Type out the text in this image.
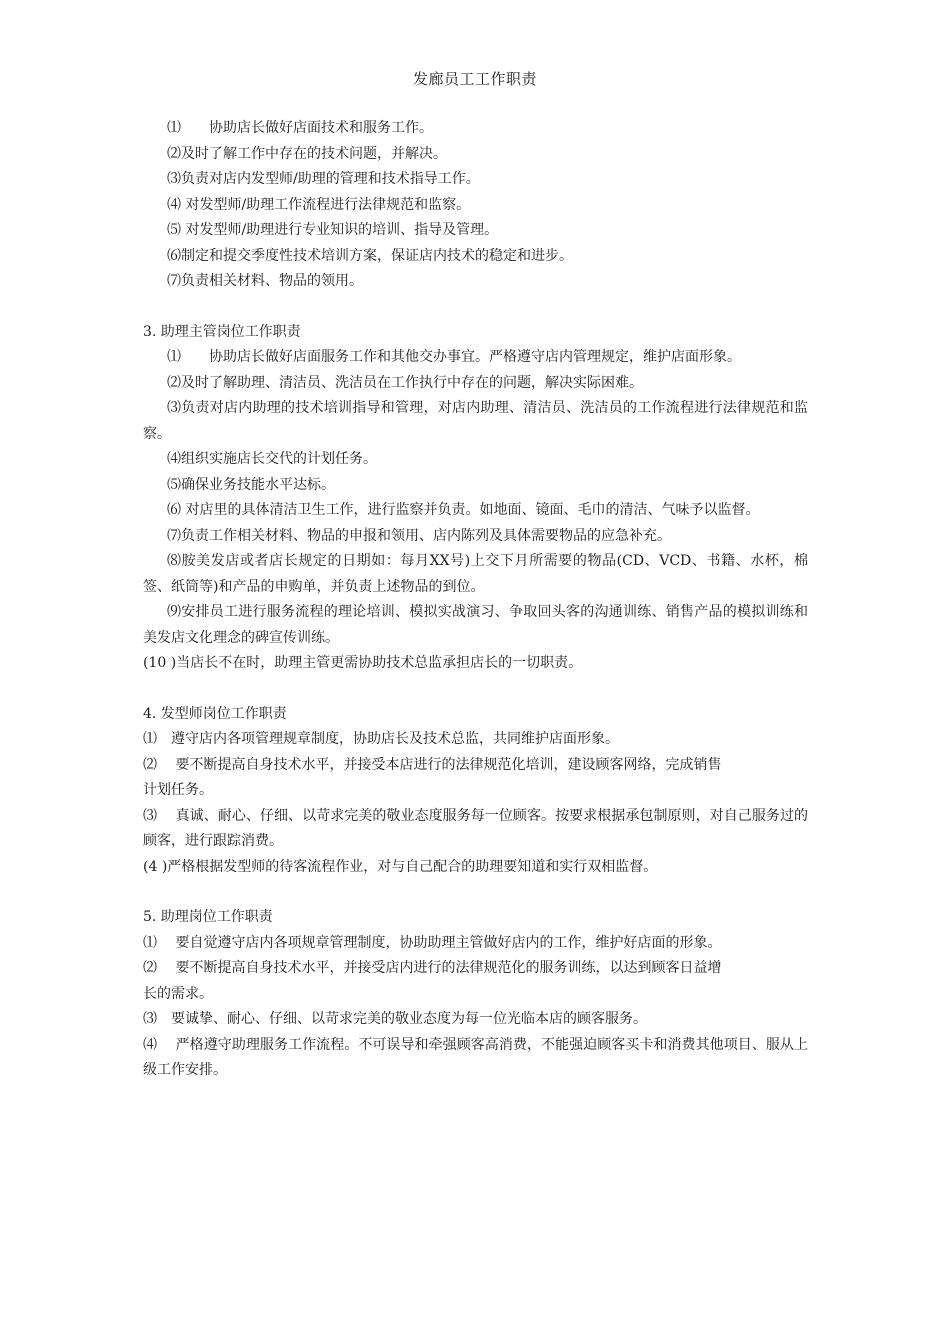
发廊员工工作职责

⑴　　协助店长做好店面技术和服务工作。

⑵及时了解工作中存在的技术问题，并解决。

⑶负责对店内发型师/助理的管理和技术指导工作。

⑷ 对发型师/助理工作流程进行法律规范和监察。

⑸ 对发型师/助理进行专业知识的培训、指导及管理。

⑹制定和提交季度性技术培训方案，保证店内技术的稳定和进步。

⑺负责相关材料、物品的领用。

3. 助理主管岗位工作职责

⑴　　协助店长做好店面服务工作和其他交办事宜。严格遵守店内管理规定，维护店面形象。

⑵及时了解助理、清洁员、洗洁员在工作执行中存在的问题，解决实际困难。

⑶负责对店内助理的技术培训指导和管理，对店内助理、清洁员、洗洁员的工作流程进行法律规范和监察。

⑷组织实施店长交代的计划任务。

⑸确保业务技能水平达标。

⑹ 对店里的具体清洁卫生工作，进行监察并负责。如地面、镜面、毛巾的清洁、气味予以监督。

⑺负责工作相关材料、物品的申报和领用、店内陈列及具体需要物品的应急补充。

⑻胺美发店或者店长规定的日期如：每月XX号)上交下月所需要的物品(CD、VCD、书籍、水杯，棉签、纸筒等)和产品的申购单，并负责上述物品的到位。

⑼安排员工进行服务流程的理论培训、模拟实战演习、争取回头客的沟通训练、销售产品的模拟训练和美发店文化理念的碑宣传训练。

(10 )当店长不在时，助理主管更需协助技术总监承担店长的一切职责。

4. 发型师岗位工作职责

⑴　遵守店内各项管理规章制度，协助店长及技术总监，共同维护店面形象。

⑵　 要不断提高自身技术水平，并接受本店进行的法律规范化培训，建设顾客网络，完成销售

计划任务。

⑶　 真诚、耐心、仔细、以苛求完美的敬业态度服务每一位顾客。按要求根据承包制原则，对自己服务过的顾客，进行跟踪消费。

(4 )严格根据发型师的待客流程作业，对与自己配合的助理要知道和实行双相监督。

5. 助理岗位工作职责

⑴　 要自觉遵守店内各项规章管理制度，协助助理主管做好店内的工作，维护好店面的形象。

⑵　 要不断提高自身技术水平，并接受店内进行的法律规范化的服务训练，以达到顾客日益增

长的需求。

⑶　要诚挚、耐心、仔细、以苛求完美的敬业态度为每一位光临本店的顾客服务。

⑷　 严格遵守助理服务工作流程。不可误导和牵强顾客高消费，不能强迫顾客买卡和消费其他项目、服从上级工作安排。
